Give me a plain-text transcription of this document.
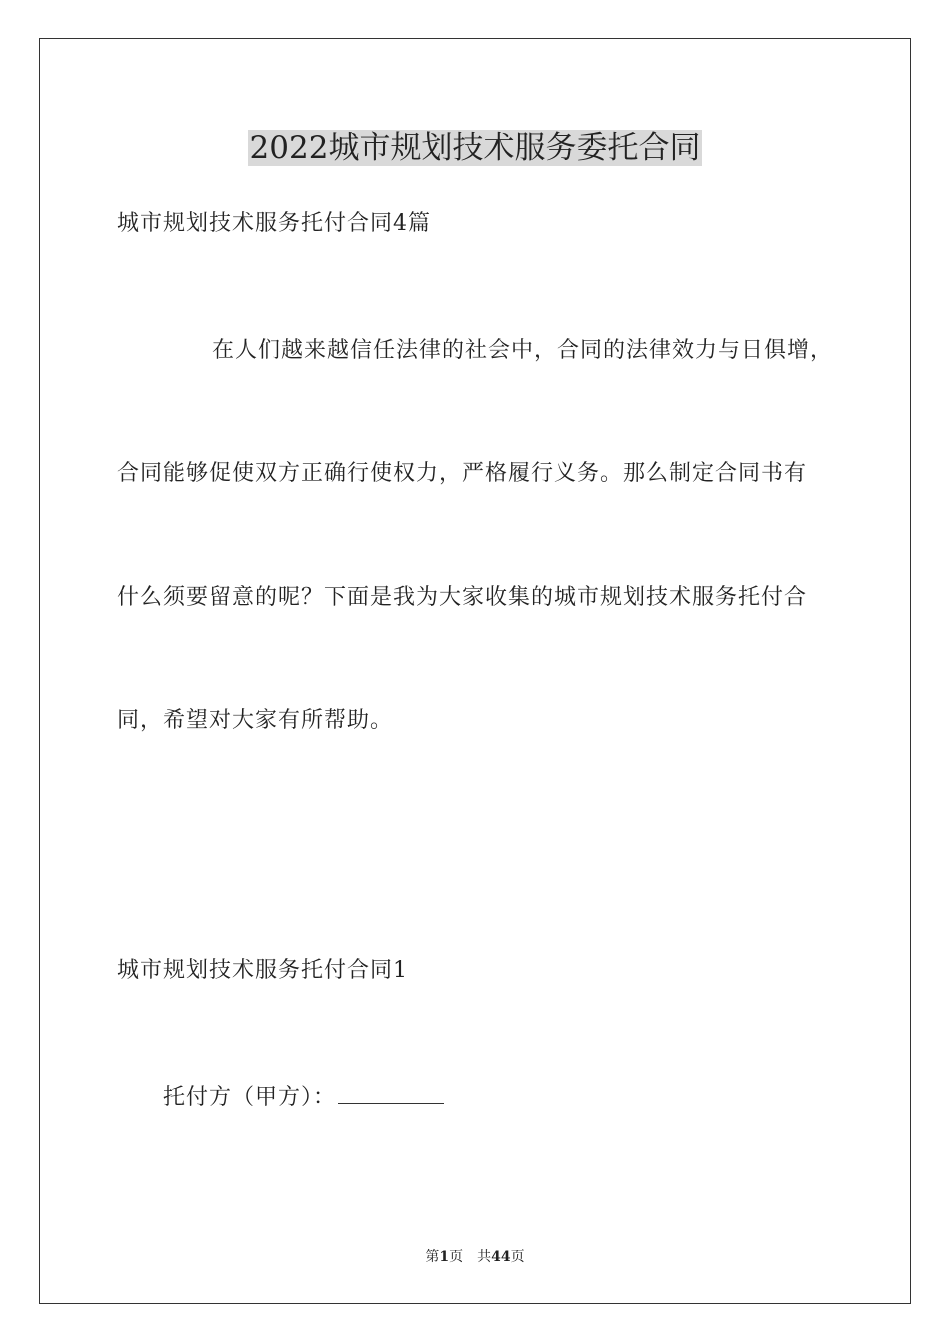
2022城市规划技术服务委托合同

城市规划技术服务托付合同4篇

在人们越来越信任法律的社会中，合同的法律效力与日俱增，

合同能够促使双方正确行使权力，严格履行义务。那么制定合同书有

什么须要留意的呢？下面是我为大家收集的城市规划技术服务托付合

同，希望对大家有所帮助。

城市规划技术服务托付合同1

托付方（甲方）：

第1页 共44页
